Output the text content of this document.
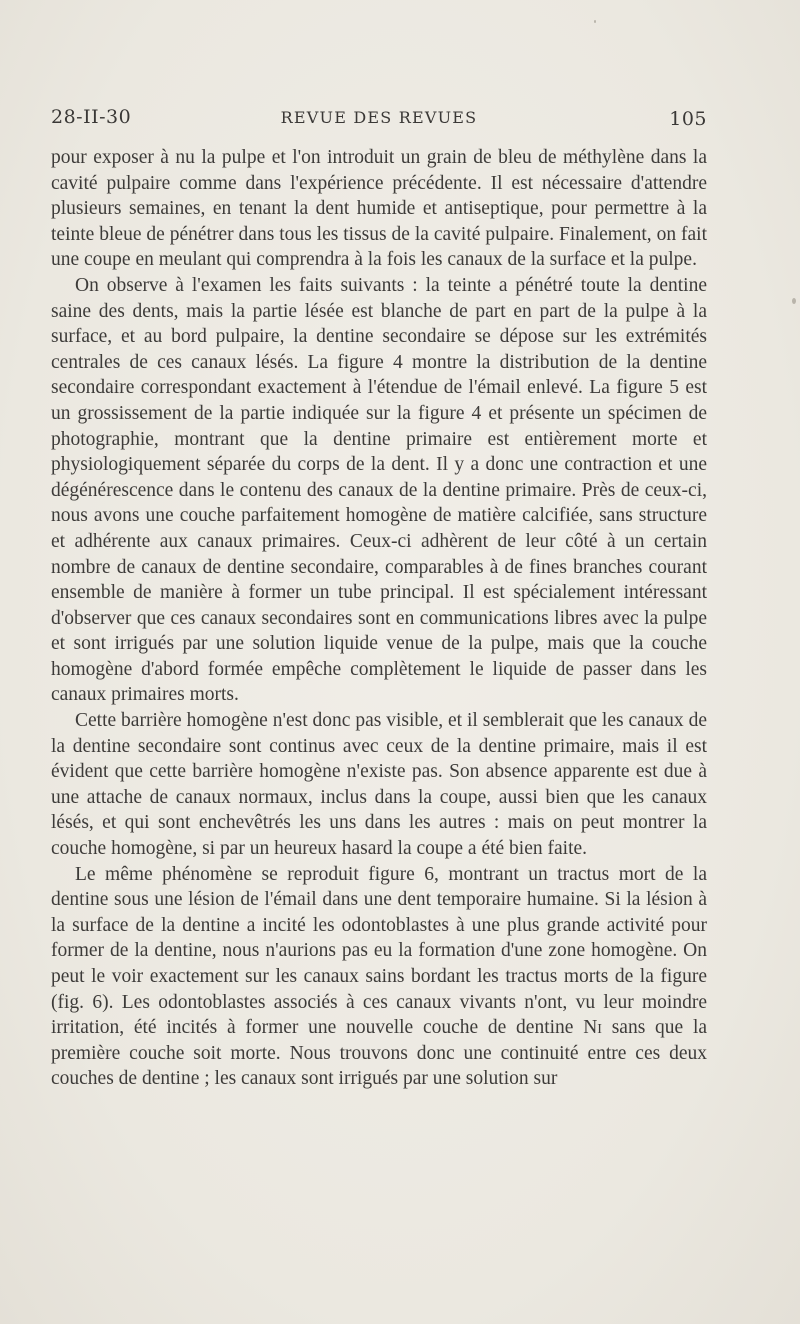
28-II-30	REVUE DES REVUES	105

pour exposer à nu la pulpe et l'on introduit un grain de bleu de méthylène dans la cavité pulpaire comme dans l'expérience précédente. Il est nécessaire d'attendre plusieurs semaines, en tenant la dent humide et antiseptique, pour permettre à la teinte bleue de pénétrer dans tous les tissus de la cavité pulpaire. Finalement, on fait une coupe en meulant qui comprendra à la fois les canaux de la surface et la pulpe.

On observe à l'examen les faits suivants : la teinte a pénétré toute la dentine saine des dents, mais la partie lésée est blanche de part en part de la pulpe à la surface, et au bord pulpaire, la dentine secondaire se dépose sur les extrémités centrales de ces canaux lésés. La figure 4 montre la distribution de la dentine secondaire correspondant exactement à l'étendue de l'émail enlevé. La figure 5 est un grossissement de la partie indiquée sur la figure 4 et présente un spécimen de photographie, montrant que la dentine primaire est entièrement morte et physiologiquement séparée du corps de la dent. Il y a donc une contraction et une dégénérescence dans le contenu des canaux de la dentine primaire. Près de ceux-ci, nous avons une couche parfaitement homogène de matière calcifiée, sans structure et adhérente aux canaux primaires. Ceux-ci adhèrent de leur côté à un certain nombre de canaux de dentine secondaire, comparables à de fines branches courant ensemble de manière à former un tube principal. Il est spécialement intéressant d'observer que ces canaux secondaires sont en communications libres avec la pulpe et sont irrigués par une solution liquide venue de la pulpe, mais que la couche homogène d'abord formée empêche complètement le liquide de passer dans les canaux primaires morts.

Cette barrière homogène n'est donc pas visible, et il semblerait que les canaux de la dentine secondaire sont continus avec ceux de la dentine primaire, mais il est évident que cette barrière homogène n'existe pas. Son absence apparente est due à une attache de canaux normaux, inclus dans la coupe, aussi bien que les canaux lésés, et qui sont enchevêtrés les uns dans les autres : mais on peut montrer la couche homogène, si par un heureux hasard la coupe a été bien faite.

Le même phénomène se reproduit figure 6, montrant un tractus mort de la dentine sous une lésion de l'émail dans une dent temporaire humaine. Si la lésion à la surface de la dentine a incité les odontoblastes à une plus grande activité pour former de la dentine, nous n'aurions pas eu la formation d'une zone homogène. On peut le voir exactement sur les canaux sains bordant les tractus morts de la figure (fig. 6). Les odontoblastes associés à ces canaux vivants n'ont, vu leur moindre irritation, été incités à former une nouvelle couche de dentine Ni sans que la première couche soit morte. Nous trouvons donc une continuité entre ces deux couches de dentine ; les canaux sont irrigués par une solution sur
